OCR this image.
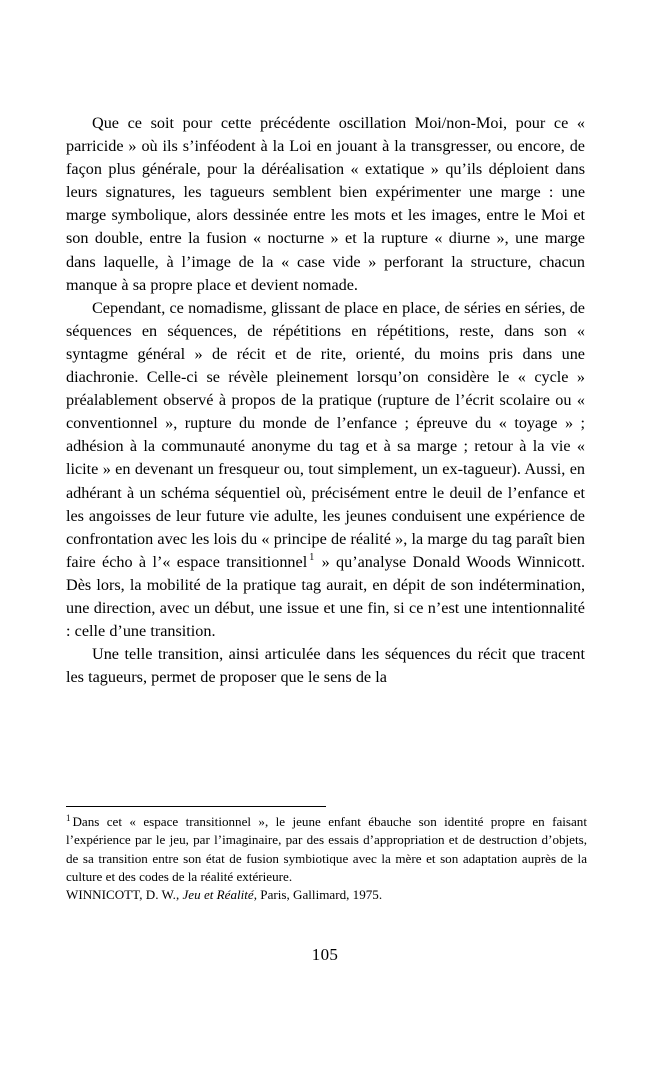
Que ce soit pour cette précédente oscillation Moi/non-Moi, pour ce « parricide » où ils s’inféodent à la Loi en jouant à la transgresser, ou encore, de façon plus générale, pour la déréalisation « extatique » qu’ils déploient dans leurs signatures, les tagueurs semblent bien expérimenter une marge : une marge symbolique, alors dessinée entre les mots et les images, entre le Moi et son double, entre la fusion « nocturne » et la rupture « diurne », une marge dans laquelle, à l’image de la « case vide » perforant la structure, chacun manque à sa propre place et devient nomade.

Cependant, ce nomadisme, glissant de place en place, de séries en séries, de séquences en séquences, de répétitions en répétitions, reste, dans son « syntagme général » de récit et de rite, orienté, du moins pris dans une diachronie. Celle-ci se révèle pleinement lorsqu’on considère le « cycle » préalablement observé à propos de la pratique (rupture de l’écrit scolaire ou « conventionnel », rupture du monde de l’enfance ; épreuve du « toyage » ; adhésion à la communauté anonyme du tag et à sa marge ; retour à la vie « licite » en devenant un fresqueur ou, tout simplement, un ex-tagueur). Aussi, en adhérant à un schéma séquentiel où, précisément entre le deuil de l’enfance et les angoisses de leur future vie adulte, les jeunes conduisent une expérience de confrontation avec les lois du « principe de réalité », la marge du tag paraît bien faire écho à l’« espace transitionnel $^1$ » qu’analyse Donald Woods Winnicott. Dès lors, la mobilité de la pratique tag aurait, en dépit de son indétermination, une direction, avec un début, une issue et une fin, si ce n’est une intentionnalité : celle d’une transition.

Une telle transition, ainsi articulée dans les séquences du récit que tracent les tagueurs, permet de proposer que le sens de la

$^1$ Dans cet « espace transitionnel », le jeune enfant ébauche son identité propre en faisant l’expérience par le jeu, par l’imaginaire, par des essais d’appropriation et de destruction d’objets, de sa transition entre son état de fusion symbiotique avec la mère et son adaptation auprès de la culture et des codes de la réalité extérieure.

WINNICOTT, D. W., Jeu et Réalité, Paris, Gallimard, 1975.

105
